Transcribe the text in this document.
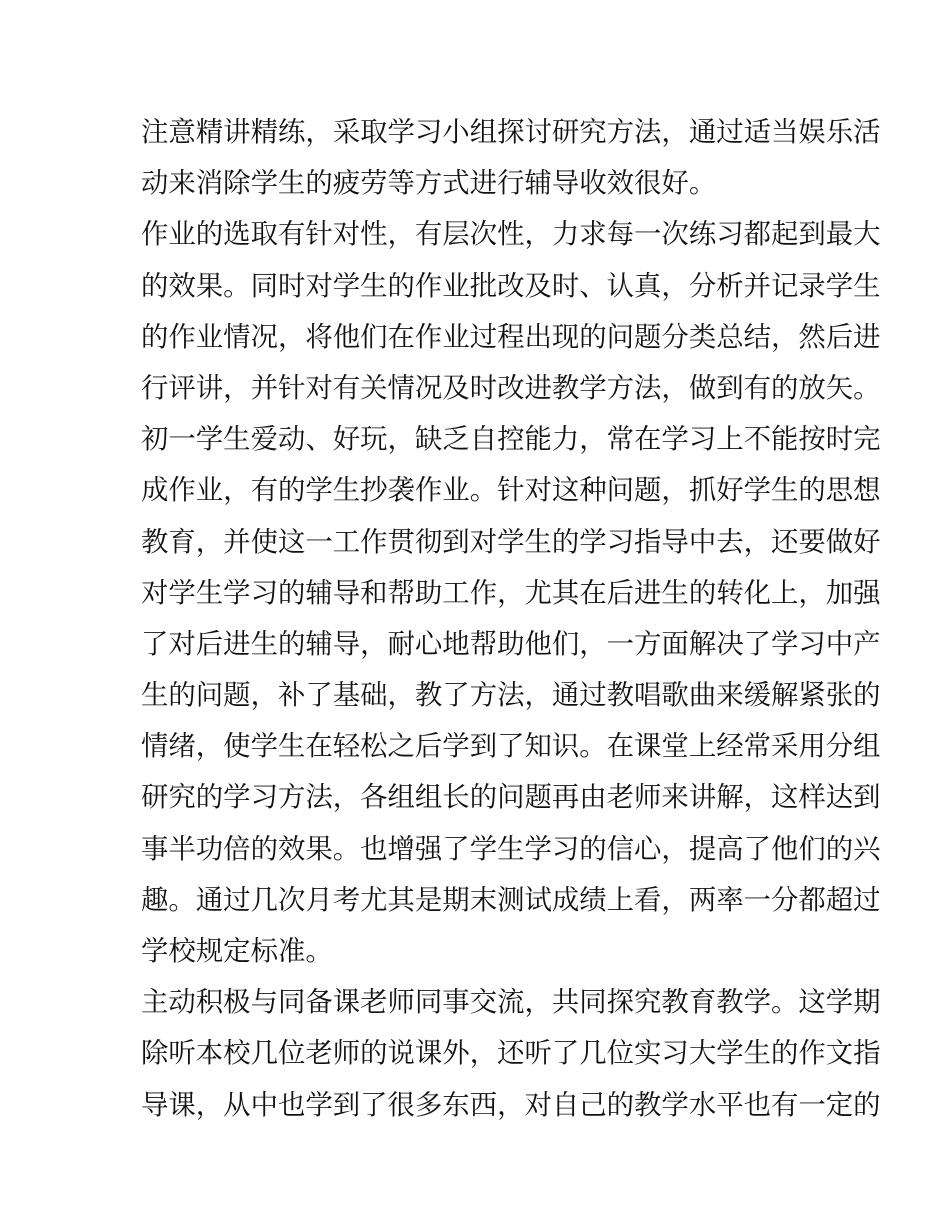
注意精讲精练，采取学习小组探讨研究方法，通过适当娱乐活
动来消除学生的疲劳等方式进行辅导收效很好。
作业的选取有针对性，有层次性，力求每一次练习都起到最大
的效果。同时对学生的作业批改及时、认真，分析并记录学生
的作业情况，将他们在作业过程出现的问题分类总结，然后进
行评讲，并针对有关情况及时改进教学方法，做到有的放矢。
初一学生爱动、好玩，缺乏自控能力，常在学习上不能按时完
成作业，有的学生抄袭作业。针对这种问题，抓好学生的思想
教育，并使这一工作贯彻到对学生的学习指导中去，还要做好
对学生学习的辅导和帮助工作，尤其在后进生的转化上，加强
了对后进生的辅导，耐心地帮助他们，一方面解决了学习中产
生的问题，补了基础，教了方法，通过教唱歌曲来缓解紧张的
情绪，使学生在轻松之后学到了知识。在课堂上经常采用分组
研究的学习方法，各组组长的问题再由老师来讲解，这样达到
事半功倍的效果。也增强了学生学习的信心，提高了他们的兴
趣。通过几次月考尤其是期末测试成绩上看，两率一分都超过
学校规定标准。
主动积极与同备课老师同事交流，共同探究教育教学。这学期
除听本校几位老师的说课外，还听了几位实习大学生的作文指
导课，从中也学到了很多东西，对自己的教学水平也有一定的
